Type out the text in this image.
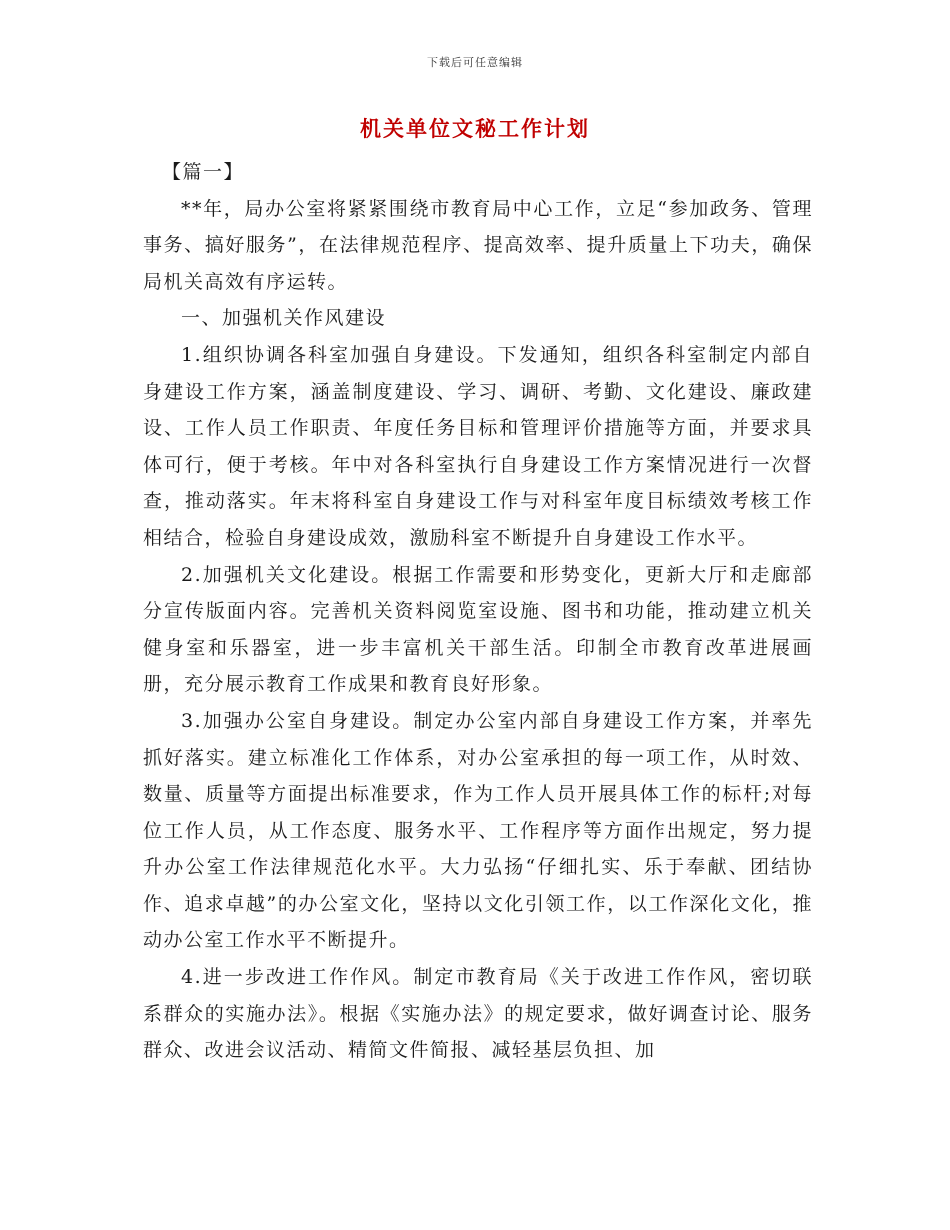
下载后可任意编辑
机关单位文秘工作计划

【篇一】

**年，局办公室将紧紧围绕市教育局中心工作，立足“参加政务、管理事务、搞好服务”，在法律规范程序、提高效率、提升质量上下功夫，确保局机关高效有序运转。

一、加强机关作风建设

1.组织协调各科室加强自身建设。下发通知，组织各科室制定内部自身建设工作方案，涵盖制度建设、学习、调研、考勤、文化建设、廉政建设、工作人员工作职责、年度任务目标和管理评价措施等方面，并要求具体可行，便于考核。年中对各科室执行自身建设工作方案情况进行一次督查，推动落实。年末将科室自身建设工作与对科室年度目标绩效考核工作相结合，检验自身建设成效，激励科室不断提升自身建设工作水平。

2.加强机关文化建设。根据工作需要和形势变化，更新大厅和走廊部分宣传版面内容。完善机关资料阅览室设施、图书和功能，推动建立机关健身室和乐器室，进一步丰富机关干部生活。印制全市教育改革进展画册，充分展示教育工作成果和教育良好形象。

3.加强办公室自身建设。制定办公室内部自身建设工作方案，并率先抓好落实。建立标准化工作体系，对办公室承担的每一项工作，从时效、数量、质量等方面提出标准要求，作为工作人员开展具体工作的标杆;对每位工作人员，从工作态度、服务水平、工作程序等方面作出规定，努力提升办公室工作法律规范化水平。大力弘扬“仔细扎实、乐于奉献、团结协作、追求卓越”的办公室文化，坚持以文化引领工作，以工作深化文化，推动办公室工作水平不断提升。

4.进一步改进工作作风。制定市教育局《关于改进工作作风，密切联系群众的实施办法》。根据《实施办法》的规定要求，做好调查讨论、服务群众、改进会议活动、精简文件简报、减轻基层负担、加
